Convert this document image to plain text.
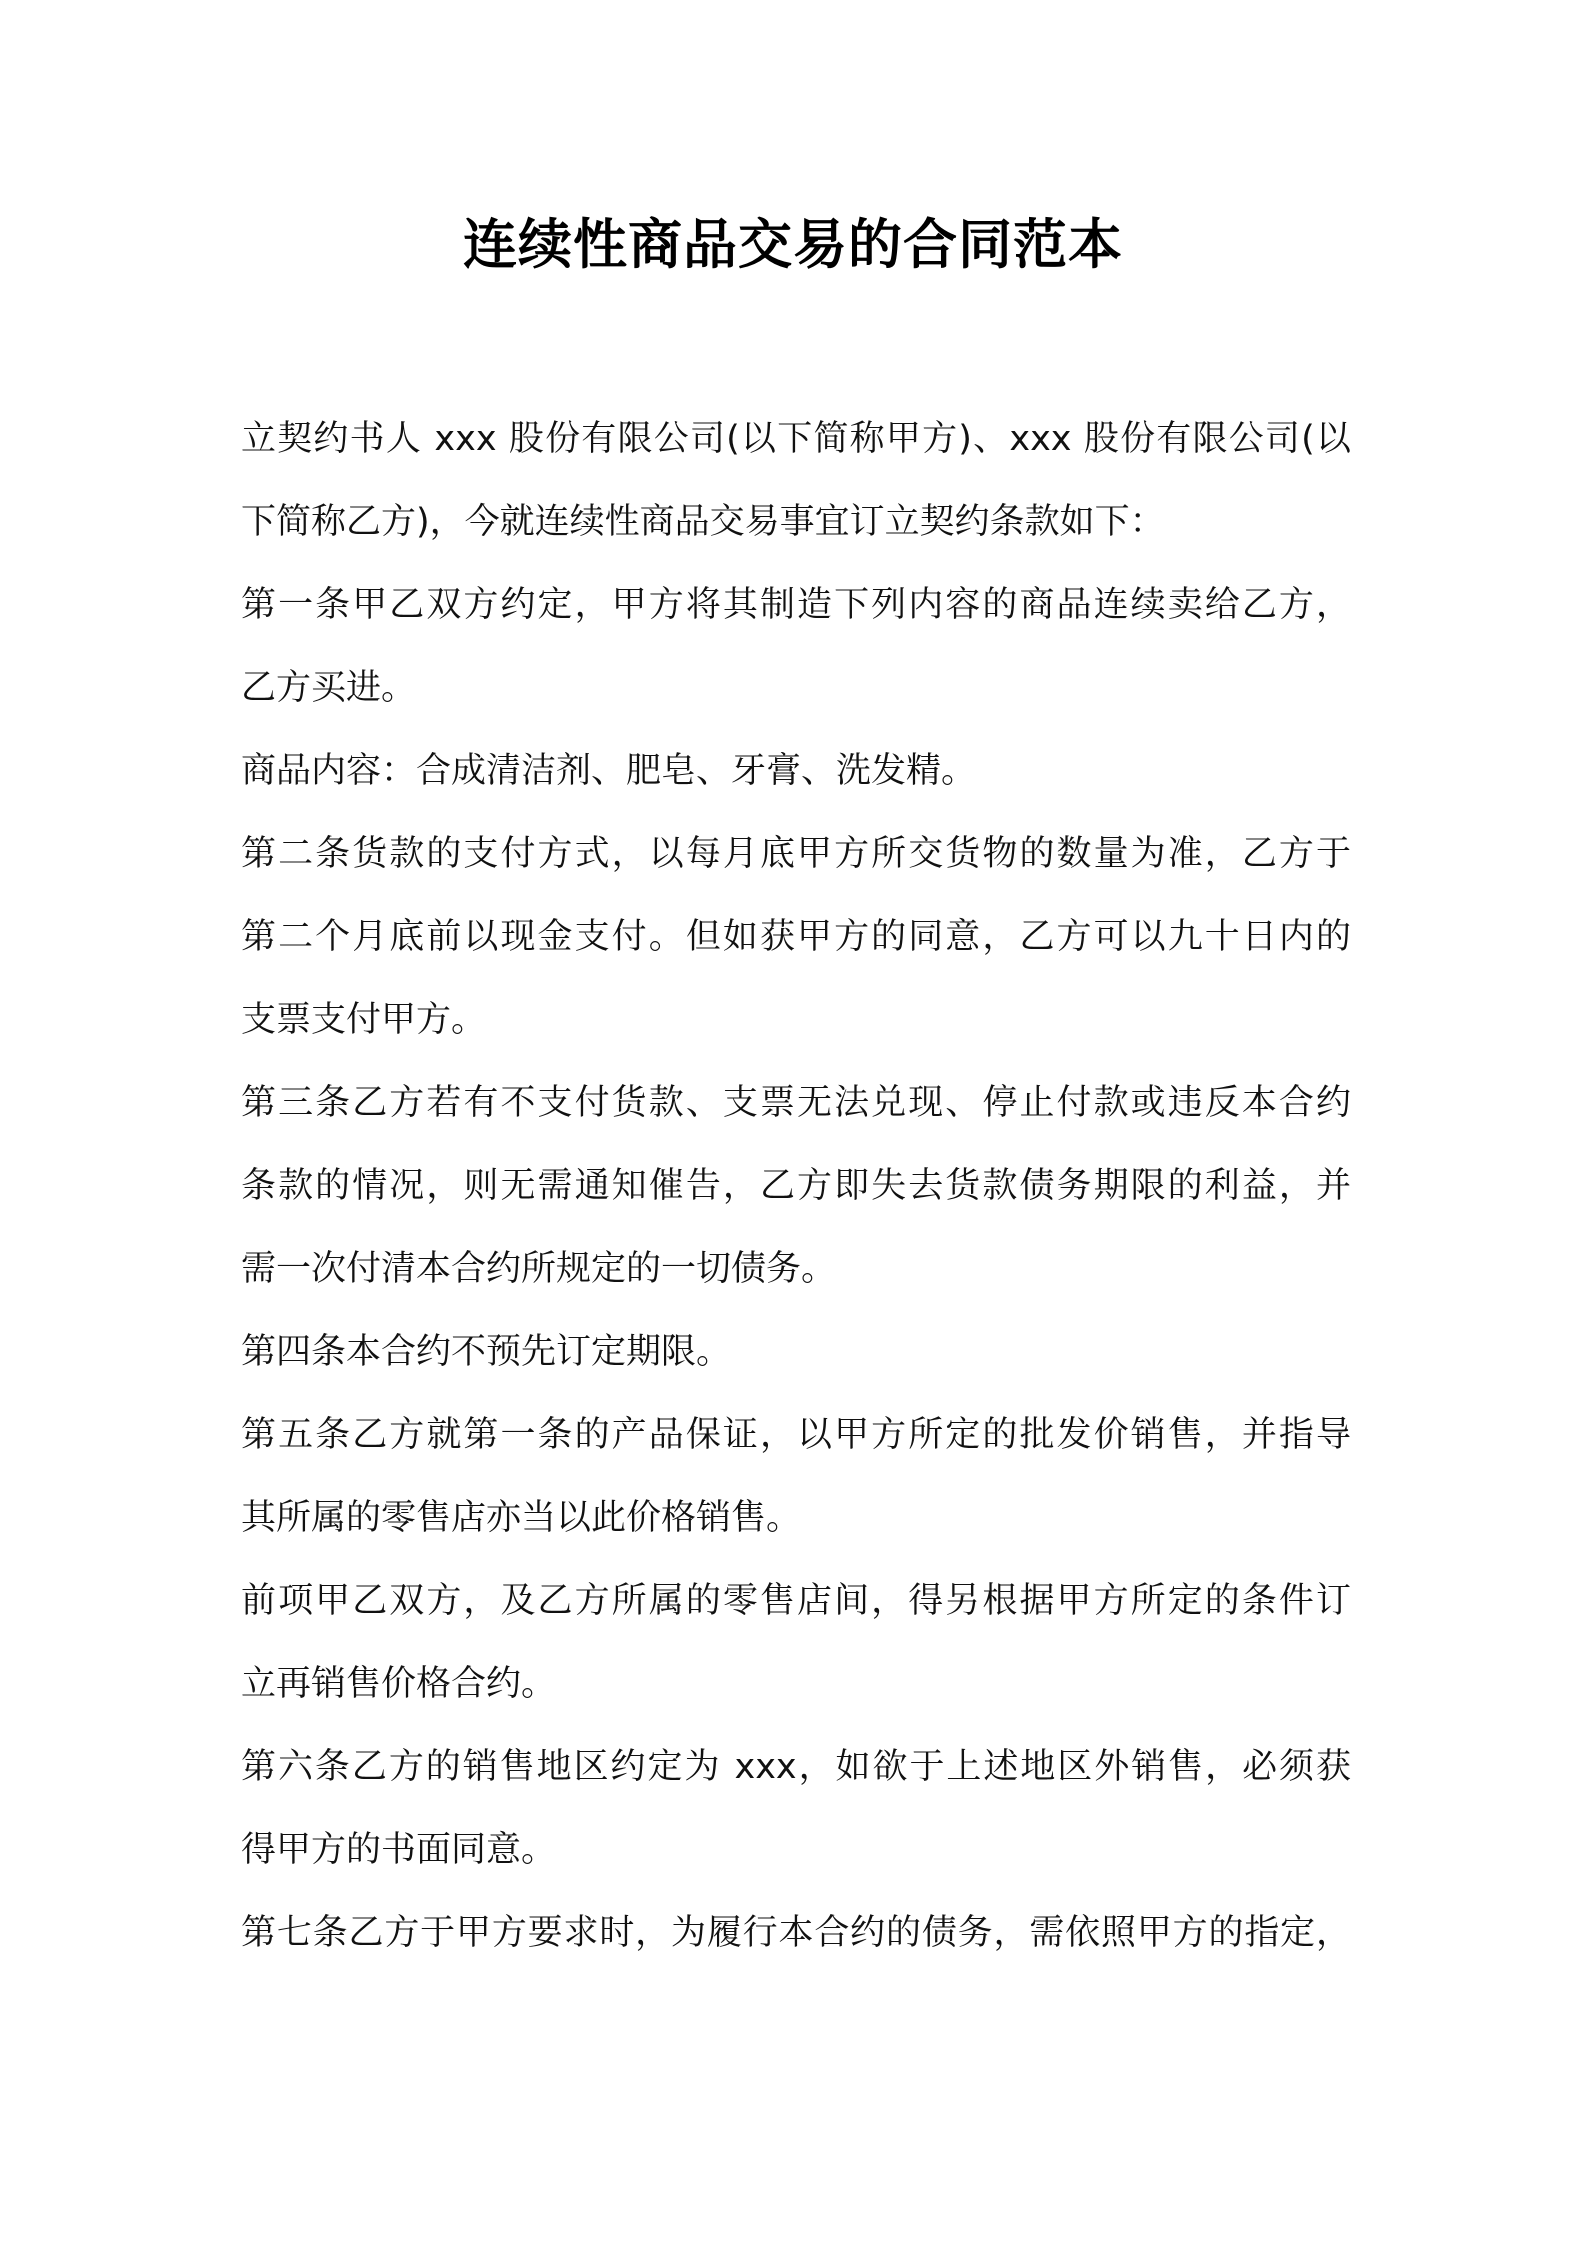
连续性商品交易的合同范本
立契约书人 xxx 股份有限公司(以下简称甲方)、xxx 股份有限公司(以
下简称乙方)，今就连续性商品交易事宜订立契约条款如下：
第一条甲乙双方约定，甲方将其制造下列内容的商品连续卖给乙方，
乙方买进。
商品内容：合成清洁剂、肥皂、牙膏、洗发精。
第二条货款的支付方式，以每月底甲方所交货物的数量为准，乙方于
第二个月底前以现金支付。但如获甲方的同意，乙方可以九十日内的
支票支付甲方。
第三条乙方若有不支付货款、支票无法兑现、停止付款或违反本合约
条款的情况，则无需通知催告，乙方即失去货款债务期限的利益，并
需一次付清本合约所规定的一切债务。
第四条本合约不预先订定期限。
第五条乙方就第一条的产品保证，以甲方所定的批发价销售，并指导
其所属的零售店亦当以此价格销售。
前项甲乙双方，及乙方所属的零售店间，得另根据甲方所定的条件订
立再销售价格合约。
第六条乙方的销售地区约定为 xxx，如欲于上述地区外销售，必须获
得甲方的书面同意。
第七条乙方于甲方要求时，为履行本合约的债务，需依照甲方的指定，
